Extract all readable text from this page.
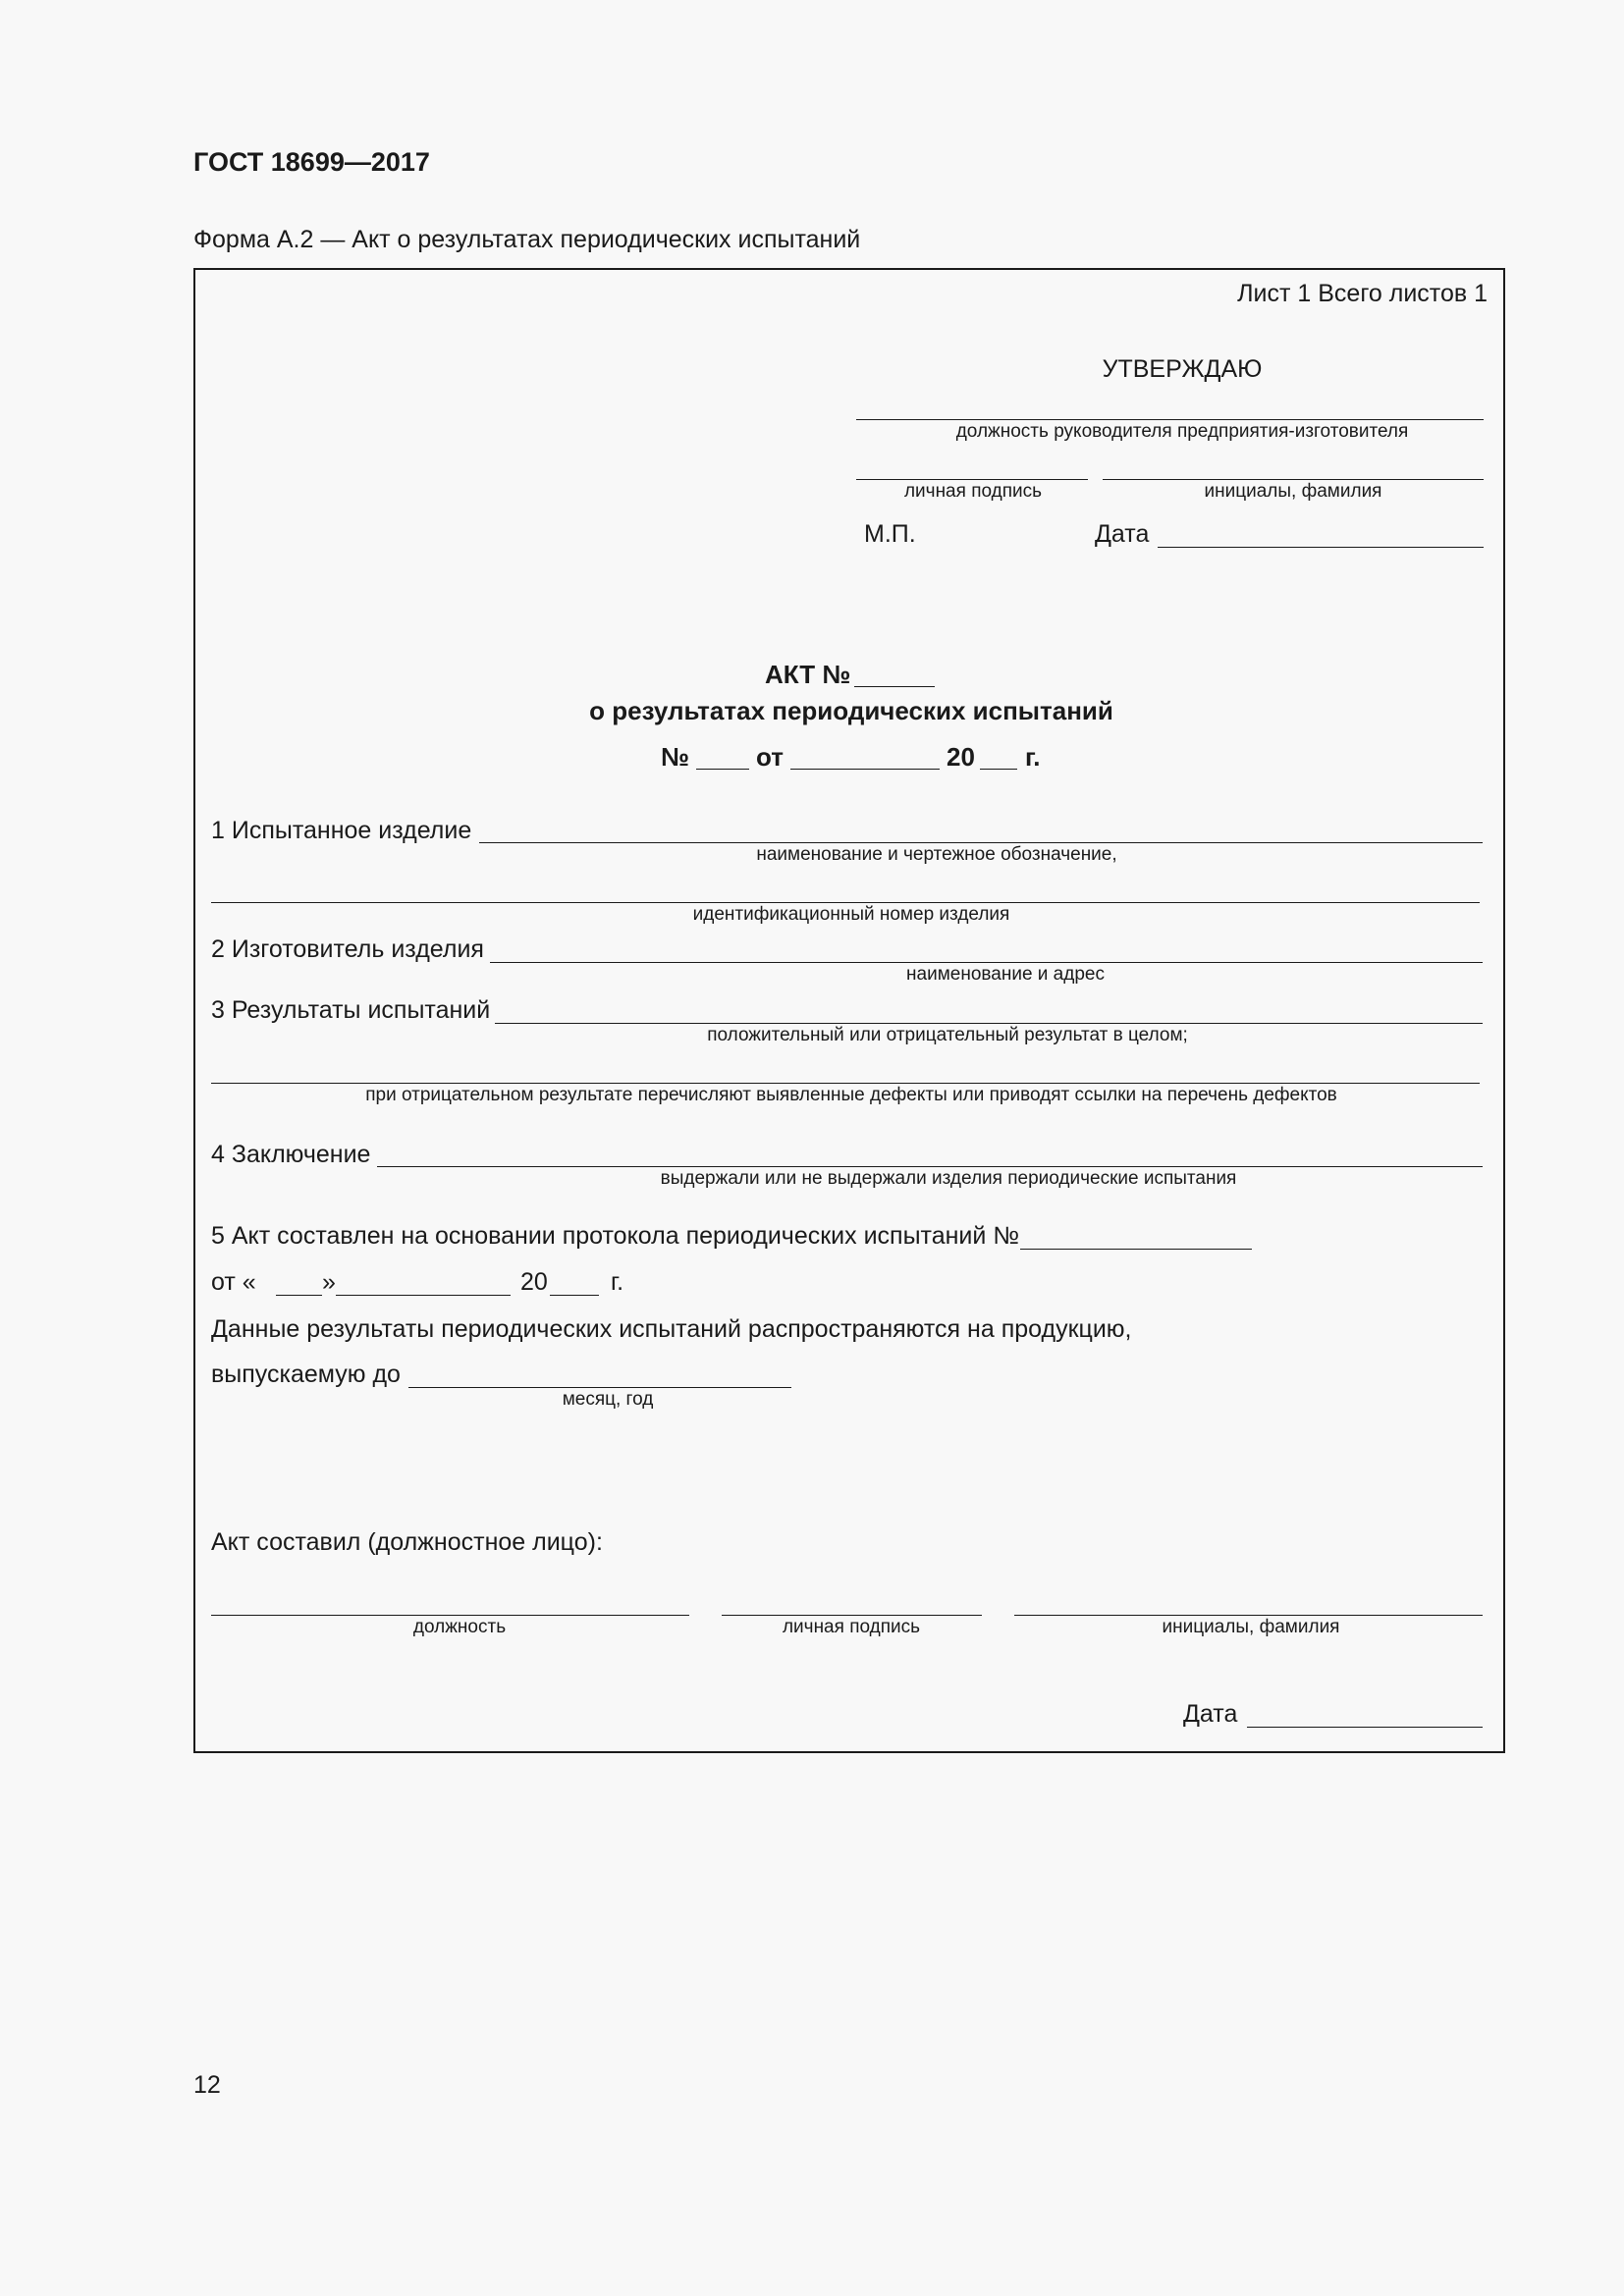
ГОСТ 18699—2017
Форма А.2 — Акт о результатах периодических испытаний
Лист 1 Всего листов 1
УТВЕРЖДАЮ
должность руководителя предприятия-изготовителя
личная подпись	инициалы, фамилия
М.П.	Дата
АКТ №
о результатах периодических испытаний
№	от	20 г.
1 Испытанное изделие
наименование и чертежное обозначение,
идентификационный номер изделия
2 Изготовитель изделия
наименование и адрес
3 Результаты испытаний
положительный или отрицательный результат в целом;
при отрицательном результате перечисляют выявленные дефекты или приводят ссылки на перечень дефектов
4 Заключение
выдержали или не выдержали изделия периодические испытания
5 Акт составлен на основании протокола периодических испытаний №
от «	»	20	г.
Данные результаты периодических испытаний распространяются на продукцию,
выпускаемую до
месяц, год
Акт составил (должностное лицо):
должность	личная подпись	инициалы, фамилия
Дата
12
